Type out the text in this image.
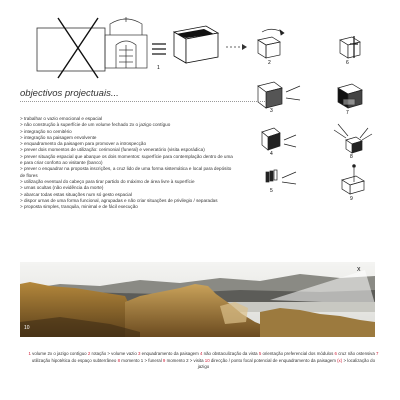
1
2
3
4
5
6
7
8
9
objectivos projectuais...
> trabalhar o vazio emocional e espacial
> não construção à superfície de um volume fechado 2x o jazigo contíguo
> integração no cemitério
> integração na paisagem envolvente
> enquadramento da paisagem para promover a introspecção
> prever dois momentos de utilização: cerimonial (funeral) e veneratório (visita esporádica)
> prever situação espacial que abarque os dois momentos: superfície para contemplação dentro de uma e para criar conforto ao visitante (banco)
> prever o enquadrar na proposta inscrições, a cruz lido de uma forma sistemática e local para depósito de flores
> utilização eventual do cabeço para tirar partido do máximo de área livre à superfície
> urnas ocultas (não evidência da morte)
> abarcar todas estas situações num só gesto espacial
> dispor urnas de uma forma funcional, agrupadas e não criar situações de privilegio / separadas
> proposta simples, tranquila, minimal e de fácil execução
10
x
1 volume 2x o jazigo contíguo 2 rotação > volume vazio 3 enquadramento da paisagem 4 não obstaculização da vista 5 orientação preferencial dos módulos 6 cruz não ostensiva 7 utilização hipotética do espaço subterrâneo 8 momento 1 > funeral 9 momento 2 > visita 10 direcção / ponto focal potencial de enquadramento da paisagem (x) > localização do jazigo
